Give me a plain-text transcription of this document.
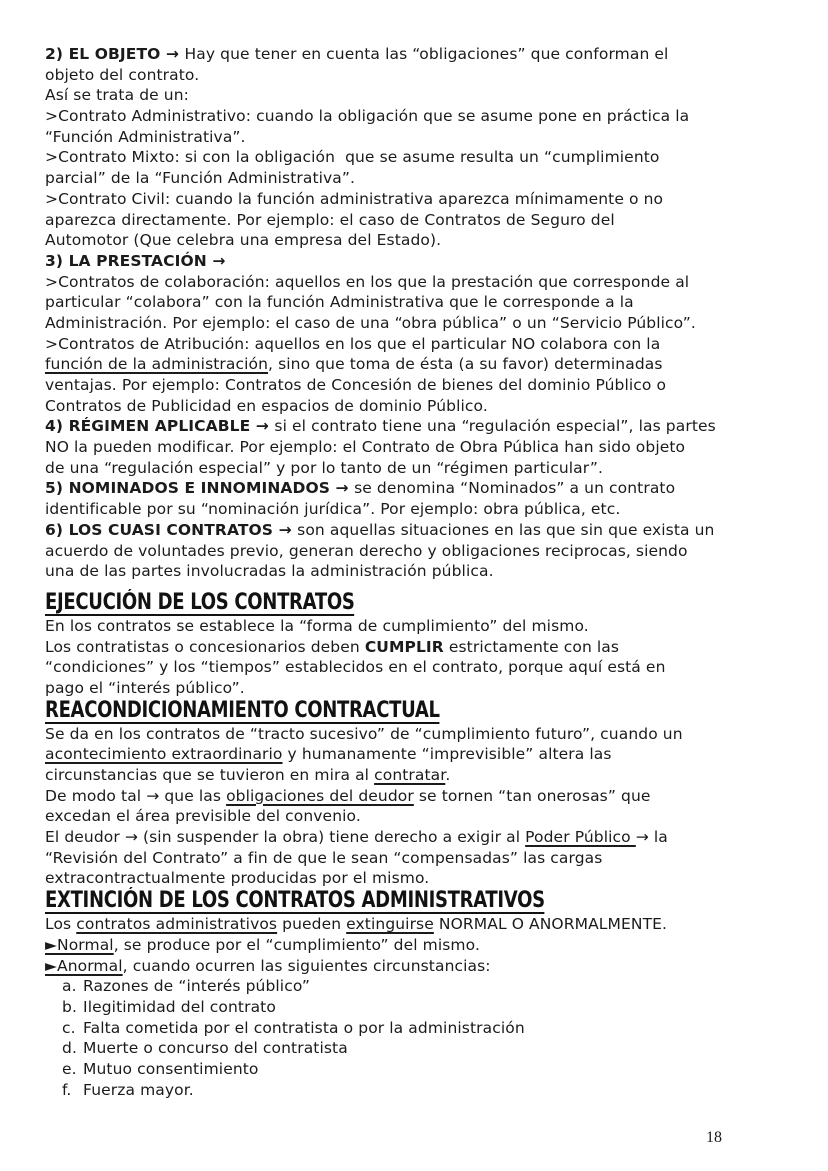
2) EL OBJETO → Hay que tener en cuenta las “obligaciones” que conforman el
objeto del contrato.
Así se trata de un:
>Contrato Administrativo: cuando la obligación que se asume pone en práctica la
“Función Administrativa”.
>Contrato Mixto: si con la obligación  que se asume resulta un “cumplimiento
parcial” de la “Función Administrativa”.
>Contrato Civil: cuando la función administrativa aparezca mínimamente o no
aparezca directamente. Por ejemplo: el caso de Contratos de Seguro del
Automotor (Que celebra una empresa del Estado).
3) LA PRESTACIÓN →
>Contratos de colaboración: aquellos en los que la prestación que corresponde al
particular “colabora” con la función Administrativa que le corresponde a la
Administración. Por ejemplo: el caso de una “obra pública” o un “Servicio Público”.
>Contratos de Atribución: aquellos en los que el particular NO colabora con la
función de la administración, sino que toma de ésta (a su favor) determinadas
ventajas. Por ejemplo: Contratos de Concesión de bienes del dominio Público o
Contratos de Publicidad en espacios de dominio Público.
4) RÉGIMEN APLICABLE → si el contrato tiene una “regulación especial”, las partes
NO la pueden modificar. Por ejemplo: el Contrato de Obra Pública han sido objeto
de una “regulación especial” y por lo tanto de un “régimen particular”.
5) NOMINADOS E INNOMINADOS → se denomina “Nominados” a un contrato
identificable por su “nominación jurídica”. Por ejemplo: obra pública, etc.
6) LOS CUASI CONTRATOS → son aquellas situaciones en las que sin que exista un
acuerdo de voluntades previo, generan derecho y obligaciones reciprocas, siendo
una de las partes involucradas la administración pública.
EJECUCIÓN DE LOS CONTRATOS
En los contratos se establece la “forma de cumplimiento” del mismo.
Los contratistas o concesionarios deben CUMPLIR estrictamente con las
“condiciones” y los “tiempos” establecidos en el contrato, porque aquí está en
pago el “interés público”.
REACONDICIONAMIENTO CONTRACTUAL
Se da en los contratos de “tracto sucesivo” de “cumplimiento futuro”, cuando un
acontecimiento extraordinario y humanamente “imprevisible” altera las
circunstancias que se tuvieron en mira al contratar.
De modo tal → que las obligaciones del deudor se tornen “tan onerosas” que
excedan el área previsible del convenio.
El deudor → (sin suspender la obra) tiene derecho a exigir al Poder Público → la
“Revisión del Contrato” a fin de que le sean “compensadas” las cargas
extracontractualmente producidas por el mismo.
EXTINCIÓN DE LOS CONTRATOS ADMINISTRATIVOS
Los contratos administrativos pueden extinguirse NORMAL O ANORMALMENTE.
►Normal, se produce por el “cumplimiento” del mismo.
►Anormal, cuando ocurren las siguientes circunstancias:
a. Razones de “interés público”
b. Ilegitimidad del contrato
c. Falta cometida por el contratista o por la administración
d. Muerte o concurso del contratista
e. Mutuo consentimiento
f. Fuerza mayor.
18
